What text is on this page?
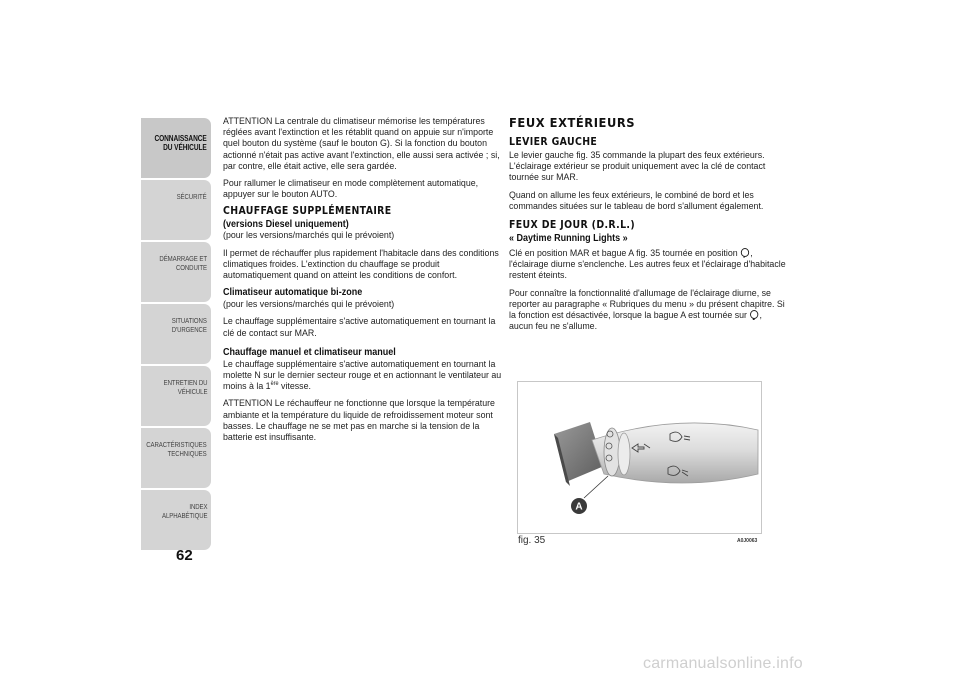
CONNAISSANCE
DU VÉHICULE
SÉCURITÉ
DÉMARRAGE ET
CONDUITE
SITUATIONS
D'URGENCE
ENTRETIEN DU
VÉHICULE
CARACTÉRISTIQUES
TECHNIQUES
INDEX
ALPHABÉTIQUE
62

ATTENTION La centrale du climatiseur mémorise les températures réglées avant l'extinction et les rétablit quand on appuie sur n'importe quel bouton du système (sauf le bouton G). Si la fonction du bouton actionné n'était pas active avant l'extinction, elle aussi sera activée ; si, par contre, elle était active, elle sera gardée.

Pour rallumer le climatiseur en mode complètement automatique, appuyer sur le bouton AUTO.

CHAUFFAGE SUPPLÉMENTAIRE
(versions Diesel uniquement)
(pour les versions/marchés qui le prévoient)

Il permet de réchauffer plus rapidement l'habitacle dans des conditions climatiques froides. L'extinction du chauffage se produit automatiquement quand on atteint les conditions de confort.

Climatiseur automatique bi-zone
(pour les versions/marchés qui le prévoient)

Le chauffage supplémentaire s'active automatiquement en tournant la clé de contact sur MAR.

Chauffage manuel et climatiseur manuel

Le chauffage supplémentaire s'active automatiquement en tournant la molette N sur le dernier secteur rouge et en actionnant le ventilateur au moins à la 1ère vitesse.

ATTENTION Le réchauffeur ne fonctionne que lorsque la température ambiante et la température du liquide de refroidissement moteur sont basses. Le chauffage ne se met pas en marche si la tension de la batterie est insuffisante.

FEUX EXTÉRIEURS
LEVIER GAUCHE

Le levier gauche fig. 35 commande la plupart des feux extérieurs. L'éclairage extérieur se produit uniquement avec la clé de contact tournée sur MAR.

Quand on allume les feux extérieurs, le combiné de bord et les commandes situées sur le tableau de bord s'allument également.

FEUX DE JOUR (D.R.L.)
« Daytime Running Lights »

Clé en position MAR et bague A fig. 35 tournée en position , l'éclairage diurne s'enclenche. Les autres feux et l'éclairage d'habitacle restent éteints.

Pour connaître la fonctionnalité d'allumage de l'éclairage diurne, se reporter au paragraphe « Rubriques du menu » du présent chapitre. Si la fonction est désactivée, lorsque la bague A est tournée sur , aucun feu ne s'allume.

A
fig. 35	A0J0063
carmanualsonline.info
